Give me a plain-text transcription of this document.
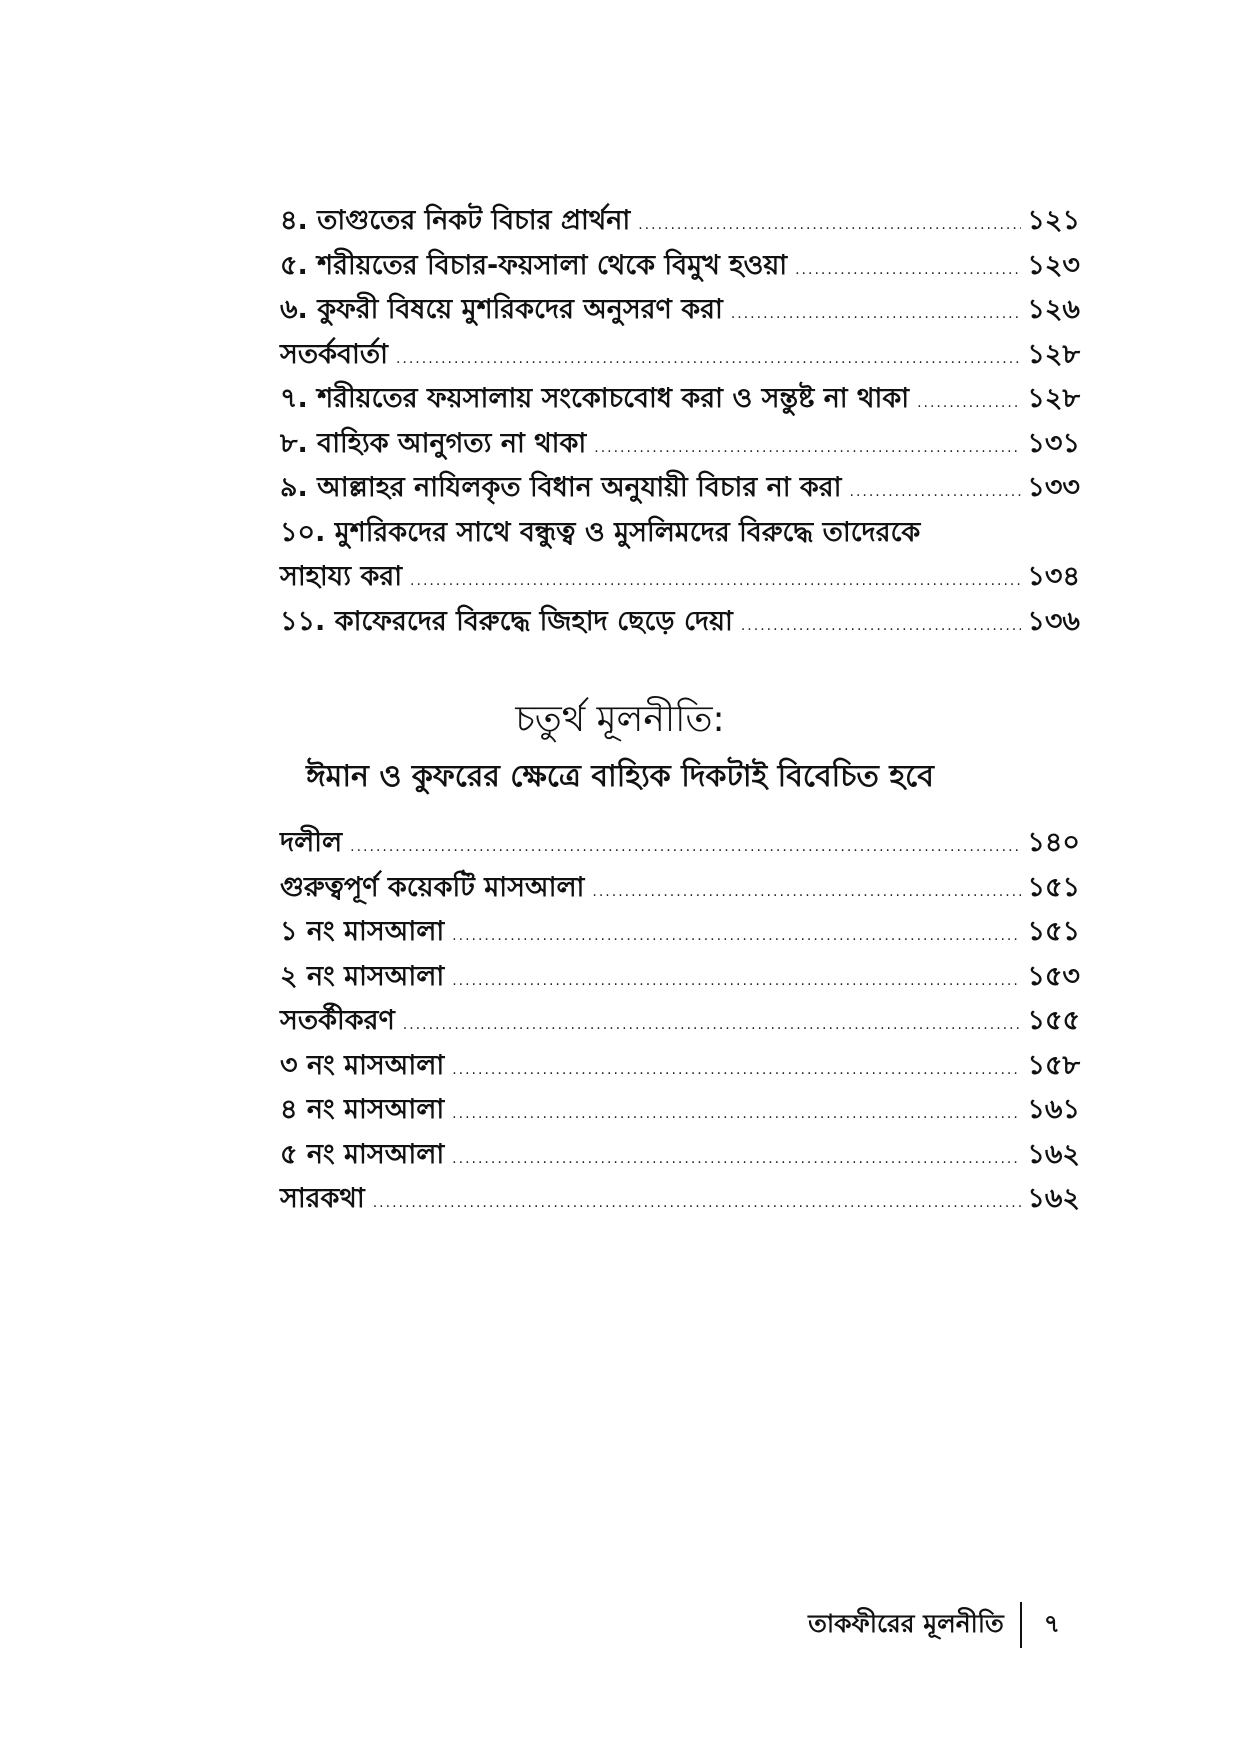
৪. তাগুতের নিকট বিচার প্রার্থনা .....	১২১
৫. শরীয়তের বিচার-ফয়সালা থেকে বিমুখ হওয়া .....	১২৩
৬. কুফরী বিষয়ে মুশরিকদের অনুসরণ করা .....	১২৬
সতর্কবার্তা .....	১২৮
৭. শরীয়তের ফয়সালায় সংকোচবোধ করা ও সন্তুষ্ট না থাকা .....	১২৮
৮. বাহ্যিক আনুগত্য না থাকা .....	১৩১
৯. আল্লাহর নাযিলকৃত বিধান অনুযায়ী বিচার না করা .....	১৩৩
১০. মুশরিকদের সাথে বন্ধুত্ব ও মুসলিমদের বিরুদ্ধে তাদেরকে
সাহায্য করা .....	১৩৪
১১. কাফেরদের বিরুদ্ধে জিহাদ ছেড়ে দেয়া .....	১৩৬
চতুর্থ মূলনীতি:
ঈমান ও কুফরের ক্ষেত্রে বাহ্যিক দিকটাই বিবেচিত হবে
দলীল .....	১৪০
গুরুত্বপূর্ণ কয়েকটি মাসআলা .....	১৫১
১ নং মাসআলা .....	১৫১
২ নং মাসআলা .....	১৫৩
সতর্কীকরণ .....	১৫৫
৩ নং মাসআলা .....	১৫৮
৪ নং মাসআলা .....	১৬১
৫ নং মাসআলা .....	১৬২
সারকথা .....	১৬২
তাকফীরের মূলনীতি	৭
